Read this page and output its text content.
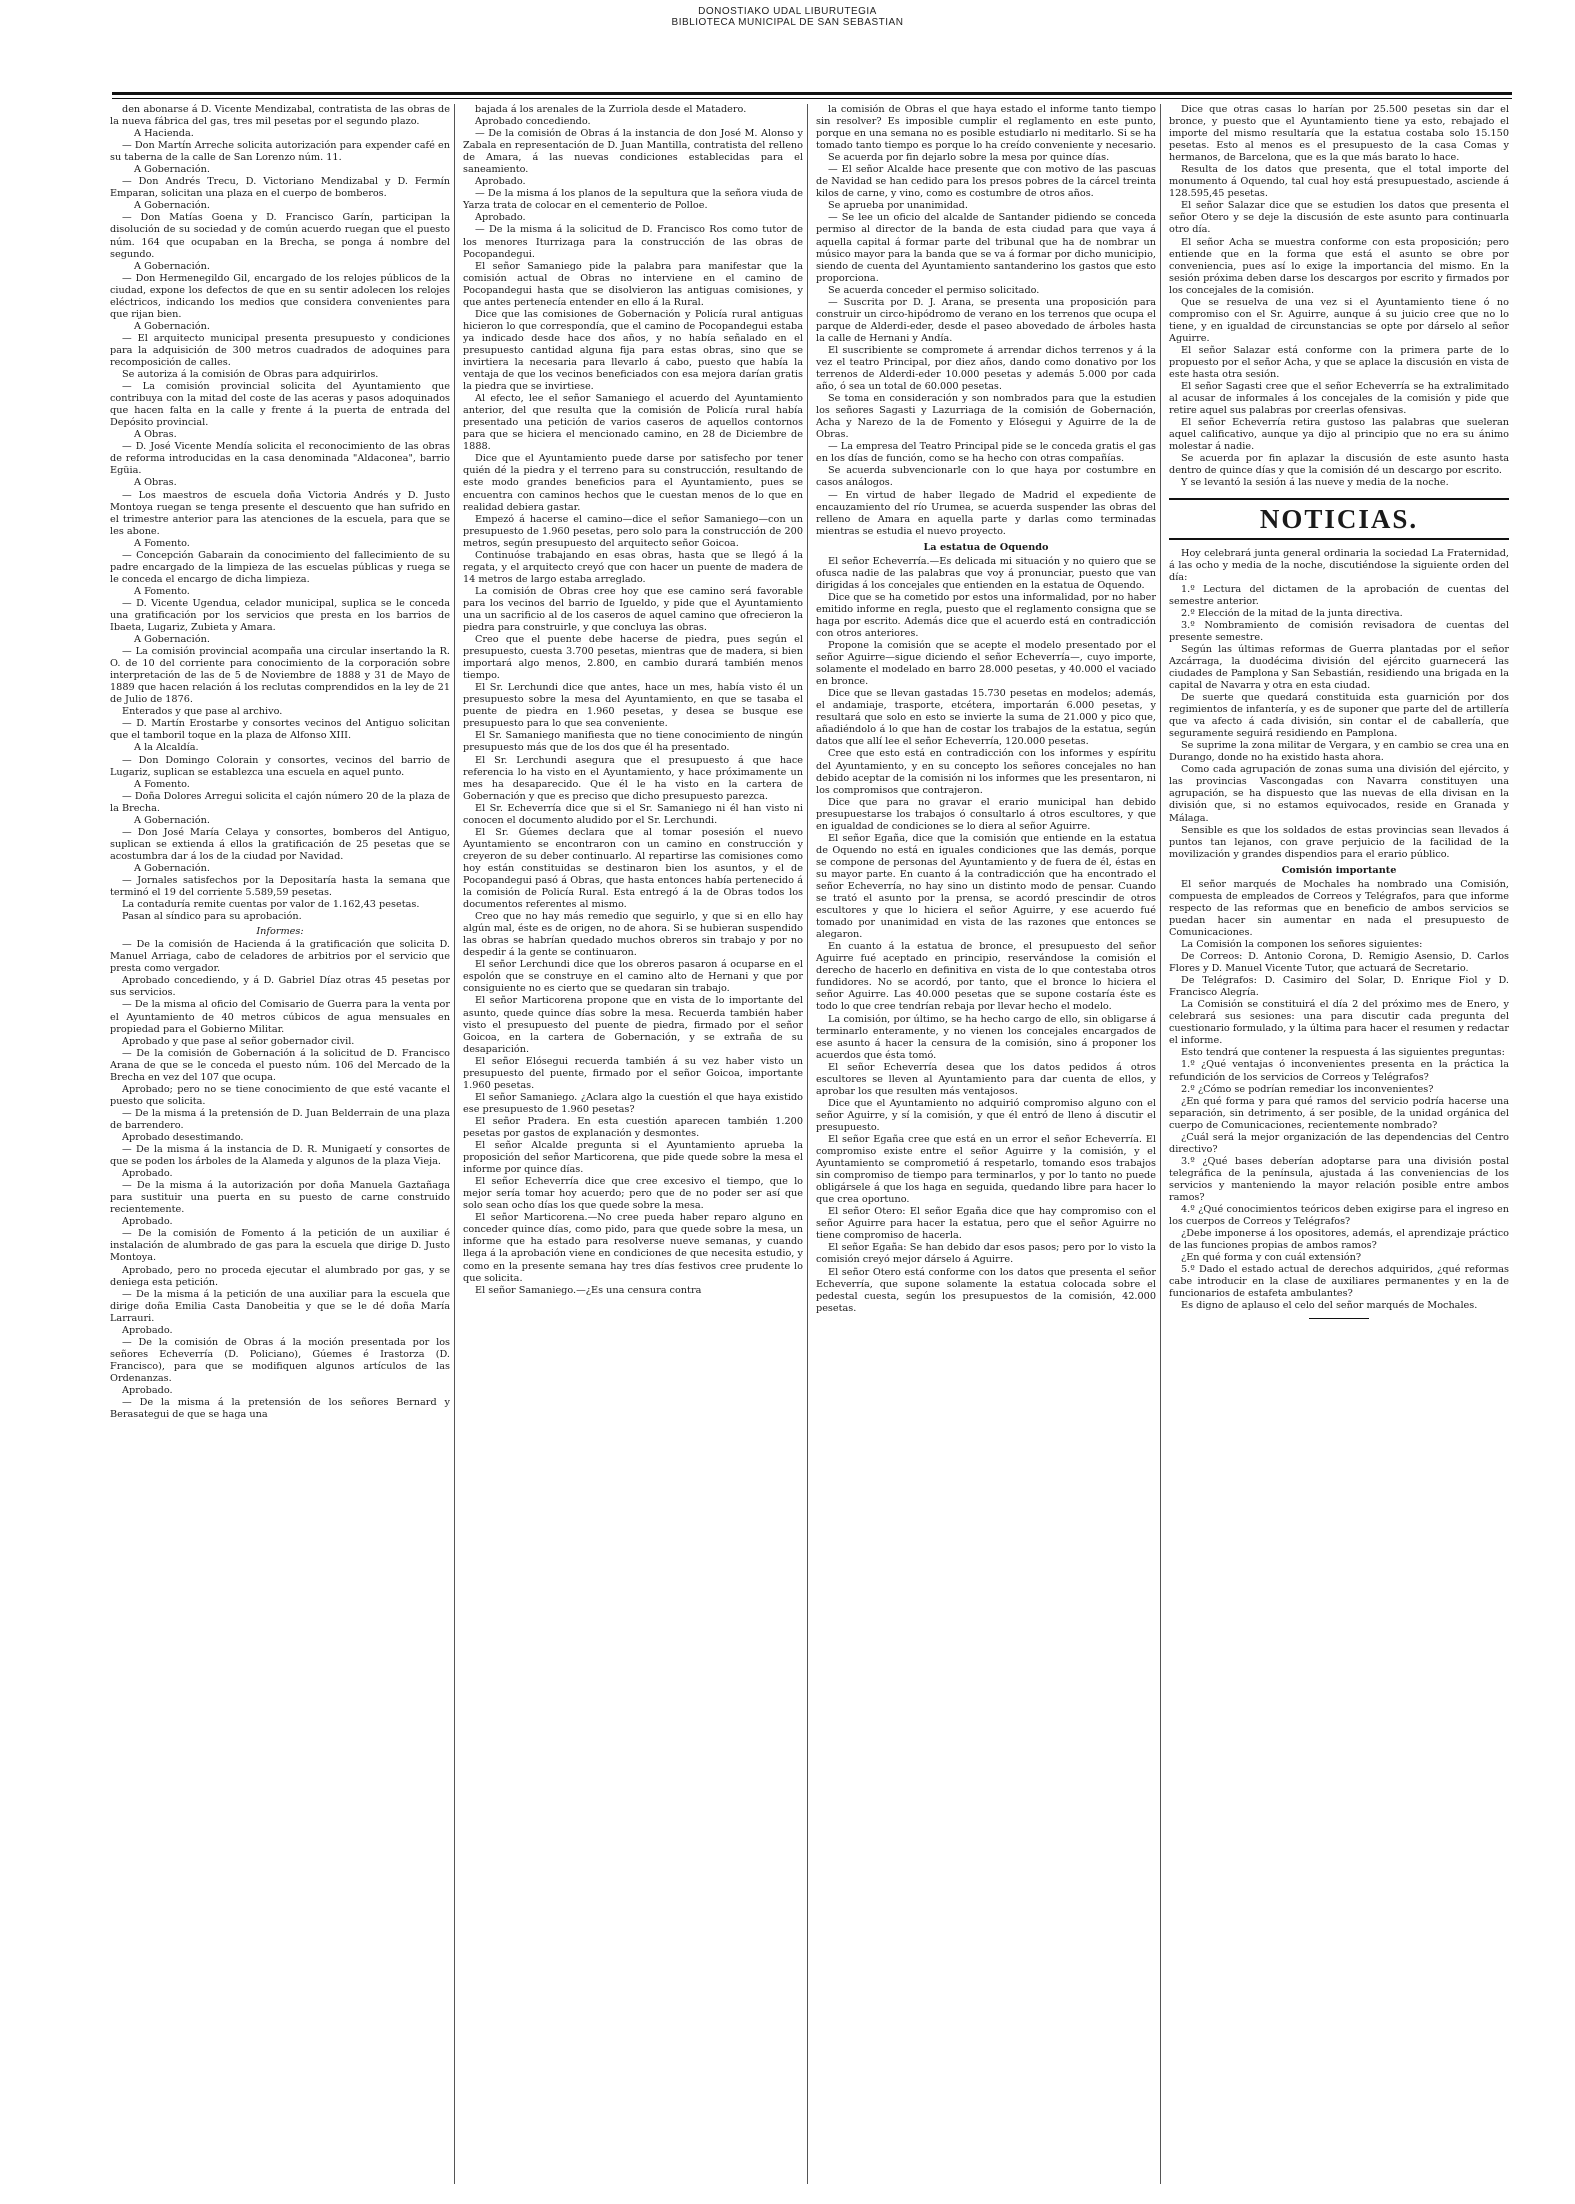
DONOSTIAKO UDAL LIBURUTEGIA
BIBLIOTECA MUNICIPAL DE SAN SEBASTIAN

den abonarse á D. Vicente Mendizabal, contratista de las obras de la nueva fábrica del gas, tres mil pesetas por el segundo plazo.

A Hacienda.

— Don Martín Arreche solicita autorización para expender café en su taberna de la calle de San Lorenzo núm. 11.

A Gobernación.

— Don Andrés Trecu, D. Victoriano Mendizabal y D. Fermín Emparan, solicitan una plaza en el cuerpo de bomberos.

A Gobernación.

— Don Matías Goena y D. Francisco Garín, participan la disolución de su sociedad y de común acuerdo ruegan que el puesto núm. 164 que ocupaban en la Brecha, se ponga á nombre del segundo.

A Gobernación.

— Don Hermenegildo Gil, encargado de los relojes públicos de la ciudad, expone los defectos de que en su sentir adolecen los relojes eléctricos, indicando los medios que considera convenientes para que rijan bien.

A Gobernación.

— El arquitecto municipal presenta presupuesto y condiciones para la adquisición de 300 metros cuadrados de adoquines para recomposición de calles.

Se autoriza á la comisión de Obras para adquirirlos.

— La comisión provincial solicita del Ayuntamiento que contribuya con la mitad del coste de las aceras y pasos adoquinados que hacen falta en la calle y frente á la puerta de entrada del Depósito provincial.

A Obras.

— D. José Vicente Mendía solicita el reconocimiento de las obras de reforma introducidas en la casa denominada "Aldaconea", barrio Egüia.

A Obras.

— Los maestros de escuela doña Victoria Andrés y D. Justo Montoya ruegan se tenga presente el descuento que han sufrido en el trimestre anterior para las atenciones de la escuela, para que se les abone.

A Fomento.

— Concepción Gabarain da conocimiento del fallecimiento de su padre encargado de la limpieza de las escuelas públicas y ruega se le conceda el encargo de dicha limpieza.

A Fomento.

— D. Vicente Ugendua, celador municipal, suplica se le conceda una gratificación por los servicios que presta en los barrios de Ibaeta, Lugariz, Zubieta y Amara.

A Gobernación.

— La comisión provincial acompaña una circular insertando la R. O. de 10 del corriente para conocimiento de la corporación sobre interpretación de las de 5 de Noviembre de 1888 y 31 de Mayo de 1889 que hacen relación á los reclutas comprendidos en la ley de 21 de Julio de 1876.

Enterados y que pase al archivo.

— D. Martín Erostarbe y consortes vecinos del Antiguo solicitan que el tamboril toque en la plaza de Alfonso XIII.

A la Alcaldía.

— Don Domingo Colorain y consortes, vecinos del barrio de Lugariz, suplican se establezca una escuela en aquel punto.

A Fomento.

— Doña Dolores Arregui solicita el cajón número 20 de la plaza de la Brecha.

A Gobernación.

— Don José María Celaya y consortes, bomberos del Antiguo, suplican se extienda á ellos la gratificación de 25 pesetas que se acostumbra dar á los de la ciudad por Navidad.

A Gobernación.

— Jornales satisfechos por la Depositaría hasta la semana que terminó el 19 del corriente 5.589,59 pesetas.

La contaduría remite cuentas por valor de 1.162,43 pesetas.

Pasan al síndico para su aprobación.

Informes:

— De la comisión de Hacienda á la gratificación que solicita D. Manuel Arriaga, cabo de celadores de arbitrios por el servicio que presta como vergador.

Aprobado concediendo, y á D. Gabriel Díaz otras 45 pesetas por sus servicios.

— De la misma al oficio del Comisario de Guerra para la venta por el Ayuntamiento de 40 metros cúbicos de agua mensuales en propiedad para el Gobierno Militar.

Aprobado y que pase al señor gobernador civil.

— De la comisión de Gobernación á la solicitud de D. Francisco Arana de que se le conceda el puesto núm. 106 del Mercado de la Brecha en vez del 107 que ocupa.

Aprobado; pero no se tiene conocimiento de que esté vacante el puesto que solicita.

— De la misma á la pretensión de D. Juan Belderrain de una plaza de barrendero.

Aprobado desestimando.

— De la misma á la instancia de D. R. Munigaetí y consortes de que se poden los árboles de la Alameda y algunos de la plaza Vieja.

Aprobado.

— De la misma á la autorización por doña Manuela Gaztañaga para sustituir una puerta en su puesto de carne construido recientemente.

Aprobado.

— De la comisión de Fomento á la petición de un auxiliar é instalación de alumbrado de gas para la escuela que dirige D. Justo Montoya.

Aprobado, pero no proceda ejecutar el alumbrado por gas, y se deniega esta petición.

— De la misma á la petición de una auxiliar para la escuela que dirige doña Emilia Casta Danobeitia y que se le dé doña María Larrauri.

Aprobado.

— De la comisión de Obras á la moción presentada por los señores Echeverría (D. Policiano), Gúemes é Irastorza (D. Francisco), para que se modifiquen algunos artículos de las Ordenanzas.

Aprobado.

— De la misma á la pretensión de los señores Bernard y Berasategui de que se haga una

bajada á los arenales de la Zurriola desde el Matadero.

Aprobado concediendo.

— De la comisión de Obras á la instancia de don José M. Alonso y Zabala en representación de D. Juan Mantilla, contratista del relleno de Amara, á las nuevas condiciones establecidas para el saneamiento.

Aprobado.

— De la misma á los planos de la sepultura que la señora viuda de Yarza trata de colocar en el cementerio de Polloe.

Aprobado.

— De la misma á la solicitud de D. Francisco Ros como tutor de los menores Iturrizaga para la construcción de las obras de Pocopandegui.

El señor Samaniego pide la palabra para manifestar que la comisión actual de Obras no interviene en el camino de Pocopandegui hasta que se disolvieron las antiguas comisiones, y que antes pertenecía entender en ello á la Rural.

Dice que las comisiones de Gobernación y Policía rural antiguas hicieron lo que correspondía, que el camino de Pocopandegui estaba ya indicado desde hace dos años, y no había señalado en el presupuesto cantidad alguna fija para estas obras, sino que se invirtiera la necesaria para llevarlo á cabo, puesto que había la ventaja de que los vecinos beneficiados con esa mejora darían gratis la piedra que se invirtiese.

Al efecto, lee el señor Samaniego el acuerdo del Ayuntamiento anterior, del que resulta que la comisión de Policía rural había presentado una petición de varios caseros de aquellos contornos para que se hiciera el mencionado camino, en 28 de Diciembre de 1888.

Dice que el Ayuntamiento puede darse por satisfecho por tener quién dé la piedra y el terreno para su construcción, resultando de este modo grandes beneficios para el Ayuntamiento, pues se encuentra con caminos hechos que le cuestan menos de lo que en realidad debiera gastar.

Empezó á hacerse el camino—dice el señor Samaniego—con un presupuesto de 1.960 pesetas, pero solo para la construcción de 200 metros, según presupuesto del arquitecto señor Goicoa.

Continuóse trabajando en esas obras, hasta que se llegó á la regata, y el arquitecto creyó que con hacer un puente de madera de 14 metros de largo estaba arreglado.

La comisión de Obras cree hoy que ese camino será favorable para los vecinos del barrio de Igueldo, y pide que el Ayuntamiento una un sacrificio al de los caseros de aquel camino que ofrecieron la piedra para construirle, y que concluya las obras.

Creo que el puente debe hacerse de piedra, pues según el presupuesto, cuesta 3.700 pesetas, mientras que de madera, si bien importará algo menos, 2.800, en cambio durará también menos tiempo.

El Sr. Lerchundi dice que antes, hace un mes, había visto él un presupuesto sobre la mesa del Ayuntamiento, en que se tasaba el puente de piedra en 1.960 pesetas, y desea se busque ese presupuesto para lo que sea conveniente.

El Sr. Samaniego manifiesta que no tiene conocimiento de ningún presupuesto más que de los dos que él ha presentado.

El Sr. Lerchundi asegura que el presupuesto á que hace referencia lo ha visto en el Ayuntamiento, y hace próximamente un mes ha desaparecido. Que él le ha visto en la cartera de Gobernación y que es preciso que dicho presupuesto parezca.

El Sr. Echeverría dice que si el Sr. Samaniego ni él han visto ni conocen el documento aludido por el Sr. Lerchundi.

El Sr. Gúemes declara que al tomar posesión el nuevo Ayuntamiento se encontraron con un camino en construcción y creyeron de su deber continuarlo. Al repartirse las comisiones como hoy están constituidas se destinaron bien los asuntos, y el de Pocopandegui pasó á Obras, que hasta entonces había pertenecido á la comisión de Policía Rural. Esta entregó á la de Obras todos los documentos referentes al mismo.

Creo que no hay más remedio que seguirlo, y que si en ello hay algún mal, éste es de origen, no de ahora. Si se hubieran suspendido las obras se habrían quedado muchos obreros sin trabajo y por no despedir á la gente se continuaron.

El señor Lerchundi dice que los obreros pasaron á ocuparse en el espolón que se construye en el camino alto de Hernani y que por consiguiente no es cierto que se quedaran sin trabajo.

El señor Marticorena propone que en vista de lo importante del asunto, quede quince días sobre la mesa. Recuerda también haber visto el presupuesto del puente de piedra, firmado por el señor Goicoa, en la cartera de Gobernación, y se extraña de su desaparición.

El señor Elósegui recuerda también á su vez haber visto un presupuesto del puente, firmado por el señor Goicoa, importante 1.960 pesetas.

El señor Samaniego. ¿Aclara algo la cuestión el que haya existido ese presupuesto de 1.960 pesetas?

El señor Pradera. En esta cuestión aparecen también 1.200 pesetas por gastos de explanación y desmontes.

El señor Alcalde pregunta si el Ayuntamiento aprueba la proposición del señor Marticorena, que pide quede sobre la mesa el informe por quince días.

El señor Echeverría dice que cree excesivo el tiempo, que lo mejor sería tomar hoy acuerdo; pero que de no poder ser así que solo sean ocho días los que quede sobre la mesa.

El señor Marticorena.—No cree pueda haber reparo alguno en conceder quince días, como pido, para que quede sobre la mesa, un informe que ha estado para resolverse nueve semanas, y cuando llega á la aprobación viene en condiciones de que necesita estudio, y como en la presente semana hay tres días festivos cree prudente lo que solicita.

El señor Samaniego.—¿Es una censura contra

la comisión de Obras el que haya estado el informe tanto tiempo sin resolver? Es imposible cumplir el reglamento en este punto, porque en una semana no es posible estudiarlo ni meditarlo. Si se ha tomado tanto tiempo es porque lo ha creído conveniente y necesario.

Se acuerda por fin dejarlo sobre la mesa por quince días.

— El señor Alcalde hace presente que con motivo de las pascuas de Navidad se han cedido para los presos pobres de la cárcel treinta kilos de carne, y vino, como es costumbre de otros años.

Se aprueba por unanimidad.

— Se lee un oficio del alcalde de Santander pidiendo se conceda permiso al director de la banda de esta ciudad para que vaya á aquella capital á formar parte del tribunal que ha de nombrar un músico mayor para la banda que se va á formar por dicho municipio, siendo de cuenta del Ayuntamiento santanderino los gastos que esto proporciona.

Se acuerda conceder el permiso solicitado.

— Suscrita por D. J. Arana, se presenta una proposición para construir un circo-hipódromo de verano en los terrenos que ocupa el parque de Alderdi-eder, desde el paseo abovedado de árboles hasta la calle de Hernani y Andía.

El suscribiente se compromete á arrendar dichos terrenos y á la vez el teatro Principal, por diez años, dando como donativo por los terrenos de Alderdi-eder 10.000 pesetas y además 5.000 por cada año, ó sea un total de 60.000 pesetas.

Se toma en consideración y son nombrados para que la estudien los señores Sagasti y Lazurriaga de la comisión de Gobernación, Acha y Narezo de la de Fomento y Elósegui y Aguirre de la de Obras.

— La empresa del Teatro Principal pide se le conceda gratis el gas en los días de función, como se ha hecho con otras compañías.

Se acuerda subvencionarle con lo que haya por costumbre en casos análogos.

— En virtud de haber llegado de Madrid el expediente de encauzamiento del río Urumea, se acuerda suspender las obras del relleno de Amara en aquella parte y darlas como terminadas mientras se estudia el nuevo proyecto.

La estatua de Oquendo

El señor Echeverría.—Es delicada mi situación y no quiero que se ofusca nadie de las palabras que voy á pronunciar, puesto que van dirigidas á los concejales que entienden en la estatua de Oquendo.

Dice que se ha cometido por estos una informalidad, por no haber emitido informe en regla, puesto que el reglamento consigna que se haga por escrito. Además dice que el acuerdo está en contradicción con otros anteriores.

Propone la comisión que se acepte el modelo presentado por el señor Aguirre—sigue diciendo el señor Echeverría—, cuyo importe, solamente el modelado en barro 28.000 pesetas, y 40.000 el vaciado en bronce.

Dice que se llevan gastadas 15.730 pesetas en modelos; además, el andamiaje, trasporte, etcétera, importarán 6.000 pesetas, y resultará que solo en esto se invierte la suma de 21.000 y pico que, añadiéndolo á lo que han de costar los trabajos de la estatua, según datos que allí lee el señor Echeverría, 120.000 pesetas.

Cree que esto está en contradicción con los informes y espíritu del Ayuntamiento, y en su concepto los señores concejales no han debido aceptar de la comisión ni los informes que les presentaron, ni los compromisos que contrajeron.

Dice que para no gravar el erario municipal han debido presupuestarse los trabajos ó consultarlo á otros escultores, y que en igualdad de condiciones se lo diera al señor Aguirre.

El señor Egaña, dice que la comisión que entiende en la estatua de Oquendo no está en iguales condiciones que las demás, porque se compone de personas del Ayuntamiento y de fuera de él, éstas en su mayor parte. En cuanto á la contradicción que ha encontrado el señor Echeverría, no hay sino un distinto modo de pensar. Cuando se trató el asunto por la prensa, se acordó prescindir de otros escultores y que lo hiciera el señor Aguirre, y ese acuerdo fué tomado por unanimidad en vista de las razones que entonces se alegaron.

En cuanto á la estatua de bronce, el presupuesto del señor Aguirre fué aceptado en principio, reservándose la comisión el derecho de hacerlo en definitiva en vista de lo que contestaba otros fundidores. No se acordó, por tanto, que el bronce lo hiciera el señor Aguirre. Las 40.000 pesetas que se supone costaría éste es todo lo que cree tendrían rebaja por llevar hecho el modelo.

La comisión, por último, se ha hecho cargo de ello, sin obligarse á terminarlo enteramente, y no vienen los concejales encargados de ese asunto á hacer la censura de la comisión, sino á proponer los acuerdos que ésta tomó.

El señor Echeverría desea que los datos pedidos á otros escultores se lleven al Ayuntamiento para dar cuenta de ellos, y aprobar los que resulten más ventajosos.

Dice que el Ayuntamiento no adquirió compromiso alguno con el señor Aguirre, y sí la comisión, y que él entró de lleno á discutir el presupuesto.

El señor Egaña cree que está en un error el señor Echeverría. El compromiso existe entre el señor Aguirre y la comisión, y el Ayuntamiento se comprometió á respetarlo, tomando esos trabajos sin compromiso de tiempo para terminarlos, y por lo tanto no puede obligársele á que los haga en seguida, quedando libre para hacer lo que crea oportuno.

El señor Otero: El señor Egaña dice que hay compromiso con el señor Aguirre para hacer la estatua, pero que el señor Aguirre no tiene compromiso de hacerla.

El señor Egaña: Se han debido dar esos pasos; pero por lo visto la comisión creyó mejor dárselo á Aguirre.

El señor Otero está conforme con los datos que presenta el señor Echeverría, que supone solamente la estatua colocada sobre el pedestal cuesta, según los presupuestos de la comisión, 42.000 pesetas.

Dice que otras casas lo harían por 25.500 pesetas sin dar el bronce, y puesto que el Ayuntamiento tiene ya esto, rebajado el importe del mismo resultaría que la estatua costaba solo 15.150 pesetas. Esto al menos es el presupuesto de la casa Comas y hermanos, de Barcelona, que es la que más barato lo hace.

Resulta de los datos que presenta, que el total importe del monumento á Oquendo, tal cual hoy está presupuestado, asciende á 128.595,45 pesetas.

El señor Salazar dice que se estudien los datos que presenta el señor Otero y se deje la discusión de este asunto para continuarla otro día.

El señor Acha se muestra conforme con esta proposición; pero entiende que en la forma que está el asunto se obre por conveniencia, pues así lo exige la importancia del mismo. En la sesión próxima deben darse los descargos por escrito y firmados por los concejales de la comisión.

Que se resuelva de una vez si el Ayuntamiento tiene ó no compromiso con el Sr. Aguirre, aunque á su juicio cree que no lo tiene, y en igualdad de circunstancias se opte por dárselo al señor Aguirre.

El señor Salazar está conforme con la primera parte de lo propuesto por el señor Acha, y que se aplace la discusión en vista de este hasta otra sesión.

El señor Sagasti cree que el señor Echeverría se ha extralimitado al acusar de informales á los concejales de la comisión y pide que retire aquel sus palabras por creerlas ofensivas.

El señor Echeverría retira gustoso las palabras que sueleran aquel calificativo, aunque ya dijo al principio que no era su ánimo molestar á nadie.

Se acuerda por fin aplazar la discusión de este asunto hasta dentro de quince días y que la comisión dé un descargo por escrito.

Y se levantó la sesión á las nueve y media de la noche.

NOTICIAS.

Hoy celebrará junta general ordinaria la sociedad La Fraternidad, á las ocho y media de la noche, discutiéndose la siguiente orden del día:

1.º Lectura del dictamen de la aprobación de cuentas del semestre anterior.

2.º Elección de la mitad de la junta directiva.

3.º Nombramiento de comisión revisadora de cuentas del presente semestre.

Según las últimas reformas de Guerra plantadas por el señor Azcárraga, la duodécima división del ejército guarnecerá las ciudades de Pamplona y San Sebastián, residiendo una brigada en la capital de Navarra y otra en esta ciudad.

De suerte que quedará constituida esta guarnición por dos regimientos de infantería, y es de suponer que parte del de artillería que va afecto á cada división, sin contar el de caballería, que seguramente seguirá residiendo en Pamplona.

Se suprime la zona militar de Vergara, y en cambio se crea una en Durango, donde no ha existido hasta ahora.

Como cada agrupación de zonas suma una división del ejército, y las provincias Vascongadas con Navarra constituyen una agrupación, se ha dispuesto que las nuevas de ella divisan en la división que, si no estamos equivocados, reside en Granada y Málaga.

Sensible es que los soldados de estas provincias sean llevados á puntos tan lejanos, con grave perjuicio de la facilidad de la movilización y grandes dispendios para el erario público.

Comisión importante

El señor marqués de Mochales ha nombrado una Comisión, compuesta de empleados de Correos y Telégrafos, para que informe respecto de las reformas que en beneficio de ambos servicios se puedan hacer sin aumentar en nada el presupuesto de Comunicaciones.

La Comisión la componen los señores siguientes:

De Correos: D. Antonio Corona, D. Remigio Asensio, D. Carlos Flores y D. Manuel Vicente Tutor, que actuará de Secretario.

De Telégrafos: D. Casimiro del Solar, D. Enrique Fiol y D. Francisco Alegría.

La Comisión se constituirá el día 2 del próximo mes de Enero, y celebrará sus sesiones: una para discutir cada pregunta del cuestionario formulado, y la última para hacer el resumen y redactar el informe.

Esto tendrá que contener la respuesta á las siguientes preguntas:

1.º ¿Qué ventajas ó inconvenientes presenta en la práctica la refundición de los servicios de Correos y Telégrafos?

2.º ¿Cómo se podrían remediar los inconvenientes?

¿En qué forma y para qué ramos del servicio podría hacerse una separación, sin detrimento, á ser posible, de la unidad orgánica del cuerpo de Comunicaciones, recientemente nombrado?

¿Cuál será la mejor organización de las dependencias del Centro directivo?

3.º ¿Qué bases deberían adoptarse para una división postal telegráfica de la península, ajustada á las conveniencias de los servicios y manteniendo la mayor relación posible entre ambos ramos?

4.º ¿Qué conocimientos teóricos deben exigirse para el ingreso en los cuerpos de Correos y Telégrafos?

¿Debe imponerse á los opositores, además, el aprendizaje práctico de las funciones propias de ambos ramos?

¿En qué forma y con cuál extensión?

5.º Dado el estado actual de derechos adquiridos, ¿qué reformas cabe introducir en la clase de auxiliares permanentes y en la de funcionarios de estafeta ambulantes?

Es digno de aplauso el celo del señor marqués de Mochales.
